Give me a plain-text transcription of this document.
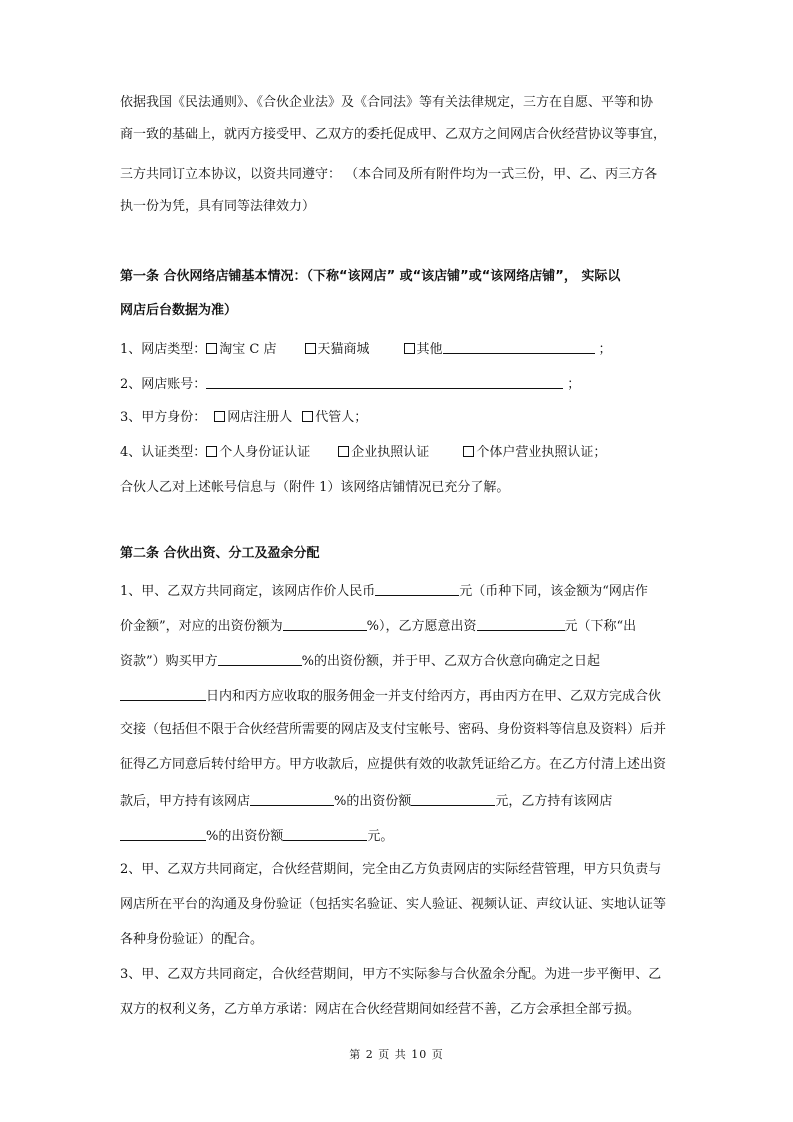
依据我国《民法通则》、《合伙企业法》及《合同法》等有关法律规定，三方在自愿、平等和协
商一致的基础上，就丙方接受甲、乙双方的委托促成甲、乙双方之间网店合伙经营协议等事宜，
三方共同订立本协议，以资共同遵守： （本合同及所有附件均为一式三份，甲、乙、丙三方各
执一份为凭，具有同等法律效力）
第一条 合伙网络店铺基本情况：（下称“该网店” 或“该店铺”或“该网络店铺”， 实际以
网店后台数据为准）
1、网店类型： 淘宝 C 店	天猫商城	其他	；
2、网店账号：	；
3、甲方身份： 网店注册人 代管人；
4、认证类型： 个人身份证认证	企业执照认证	个体户营业执照认证；
合伙人乙对上述帐号信息与（附件 1）该网络店铺情况已充分了解。
第二条 合伙出资、分工及盈余分配
1、甲、乙双方共同商定，该网店作价人民币	元（币种下同，该金额为“网店作
价金额”，对应的出资份额为	%），乙方愿意出资	元（下称“出
资款”）购买甲方	%的出资份额，并于甲、乙双方合伙意向确定之日起
日内和丙方应收取的服务佣金一并支付给丙方，再由丙方在甲、乙双方完成合伙
交接（包括但不限于合伙经营所需要的网店及支付宝帐号、密码、身份资料等信息及资料）后并
征得乙方同意后转付给甲方。甲方收款后，应提供有效的收款凭证给乙方。在乙方付清上述出资
款后，甲方持有该网店	%的出资份额	元，乙方持有该网店
%的出资份额	元。
2、甲、乙双方共同商定，合伙经营期间，完全由乙方负责网店的实际经营管理，甲方只负责与
网店所在平台的沟通及身份验证（包括实名验证、实人验证、视频认证、声纹认证、实地认证等
各种身份验证）的配合。
3、甲、乙双方共同商定，合伙经营期间，甲方不实际参与合伙盈余分配。为进一步平衡甲、乙
双方的权利义务，乙方单方承诺：网店在合伙经营期间如经营不善，乙方会承担全部亏损。
第 2 页 共 10 页
